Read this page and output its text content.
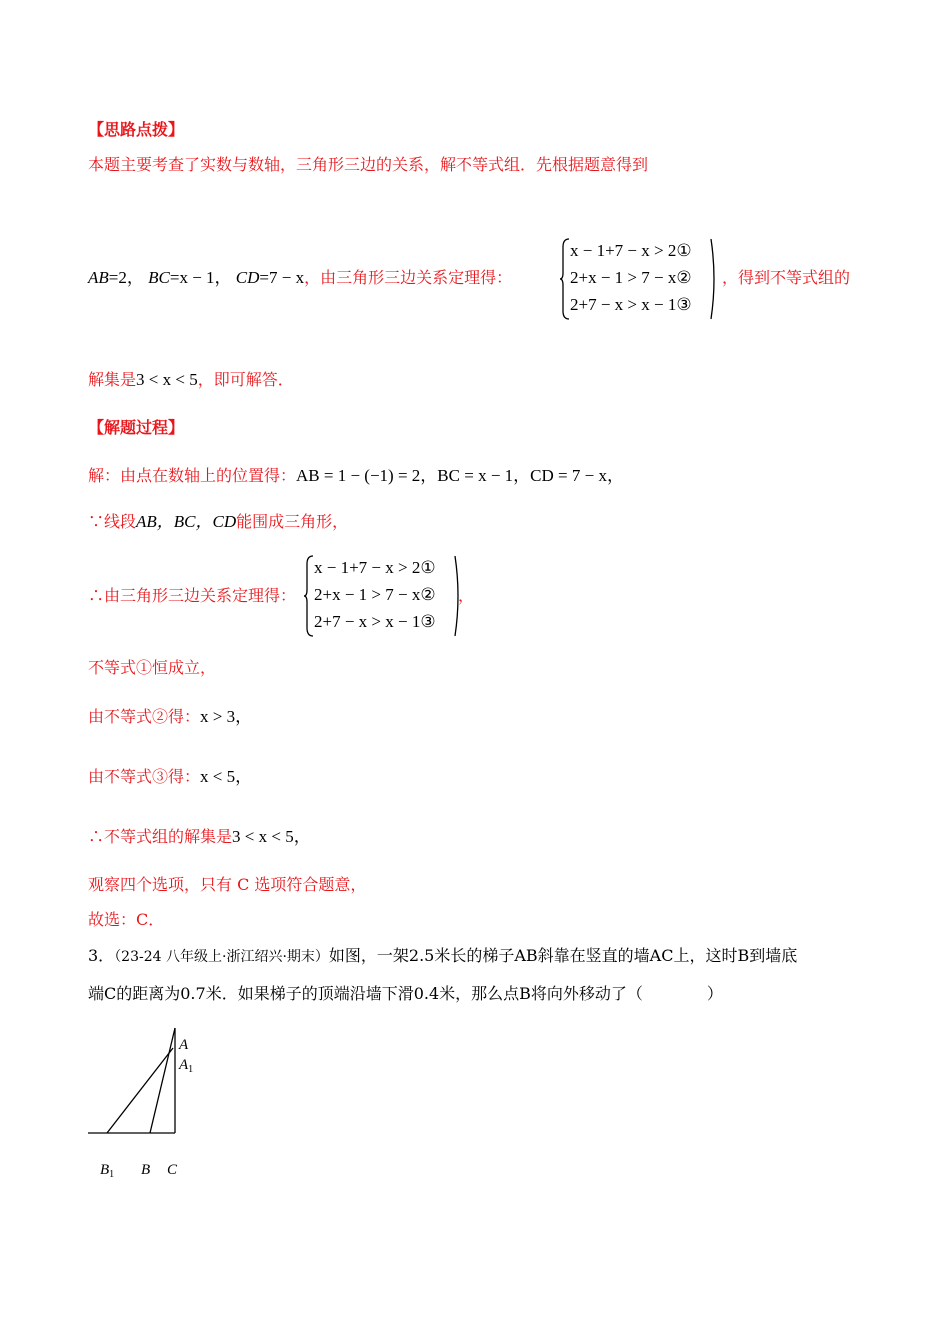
【思路点拨】
本题主要考查了实数与数轴，三角形三边的关系，解不等式组．先根据题意得到
AB=2， BC=x − 1， CD=7 − x，由三角形三边关系定理得：
x − 1+7 − x > 2①
2+x − 1 > 7 − x②
2+7 − x > x − 1③
，得到不等式组的
解集是3 < x < 5，即可解答．
【解题过程】
解：由点在数轴上的位置得：AB = 1 − (−1) = 2，BC = x − 1，CD = 7 − x，
∵线段AB，BC，CD能围成三角形，
∴由三角形三边关系定理得：
x − 1+7 − x > 2①
2+x − 1 > 7 − x②
2+7 − x > x − 1③
，
不等式①恒成立，
由不等式②得：x > 3，
由不等式③得：x < 5，
∴不等式组的解集是3 < x < 5，
观察四个选项，只有 C 选项符合题意，
故选：C．
3．（23-24 八年级上·浙江绍兴·期末）如图，一架2.5米长的梯子AB斜靠在竖直的墙AC上，这时B到墙底
端C的距离为0.7米．如果梯子的顶端沿墙下滑0.4米，那么点B将向外移动了（　　　　）
A
$A_1$
$B_1$ B C
